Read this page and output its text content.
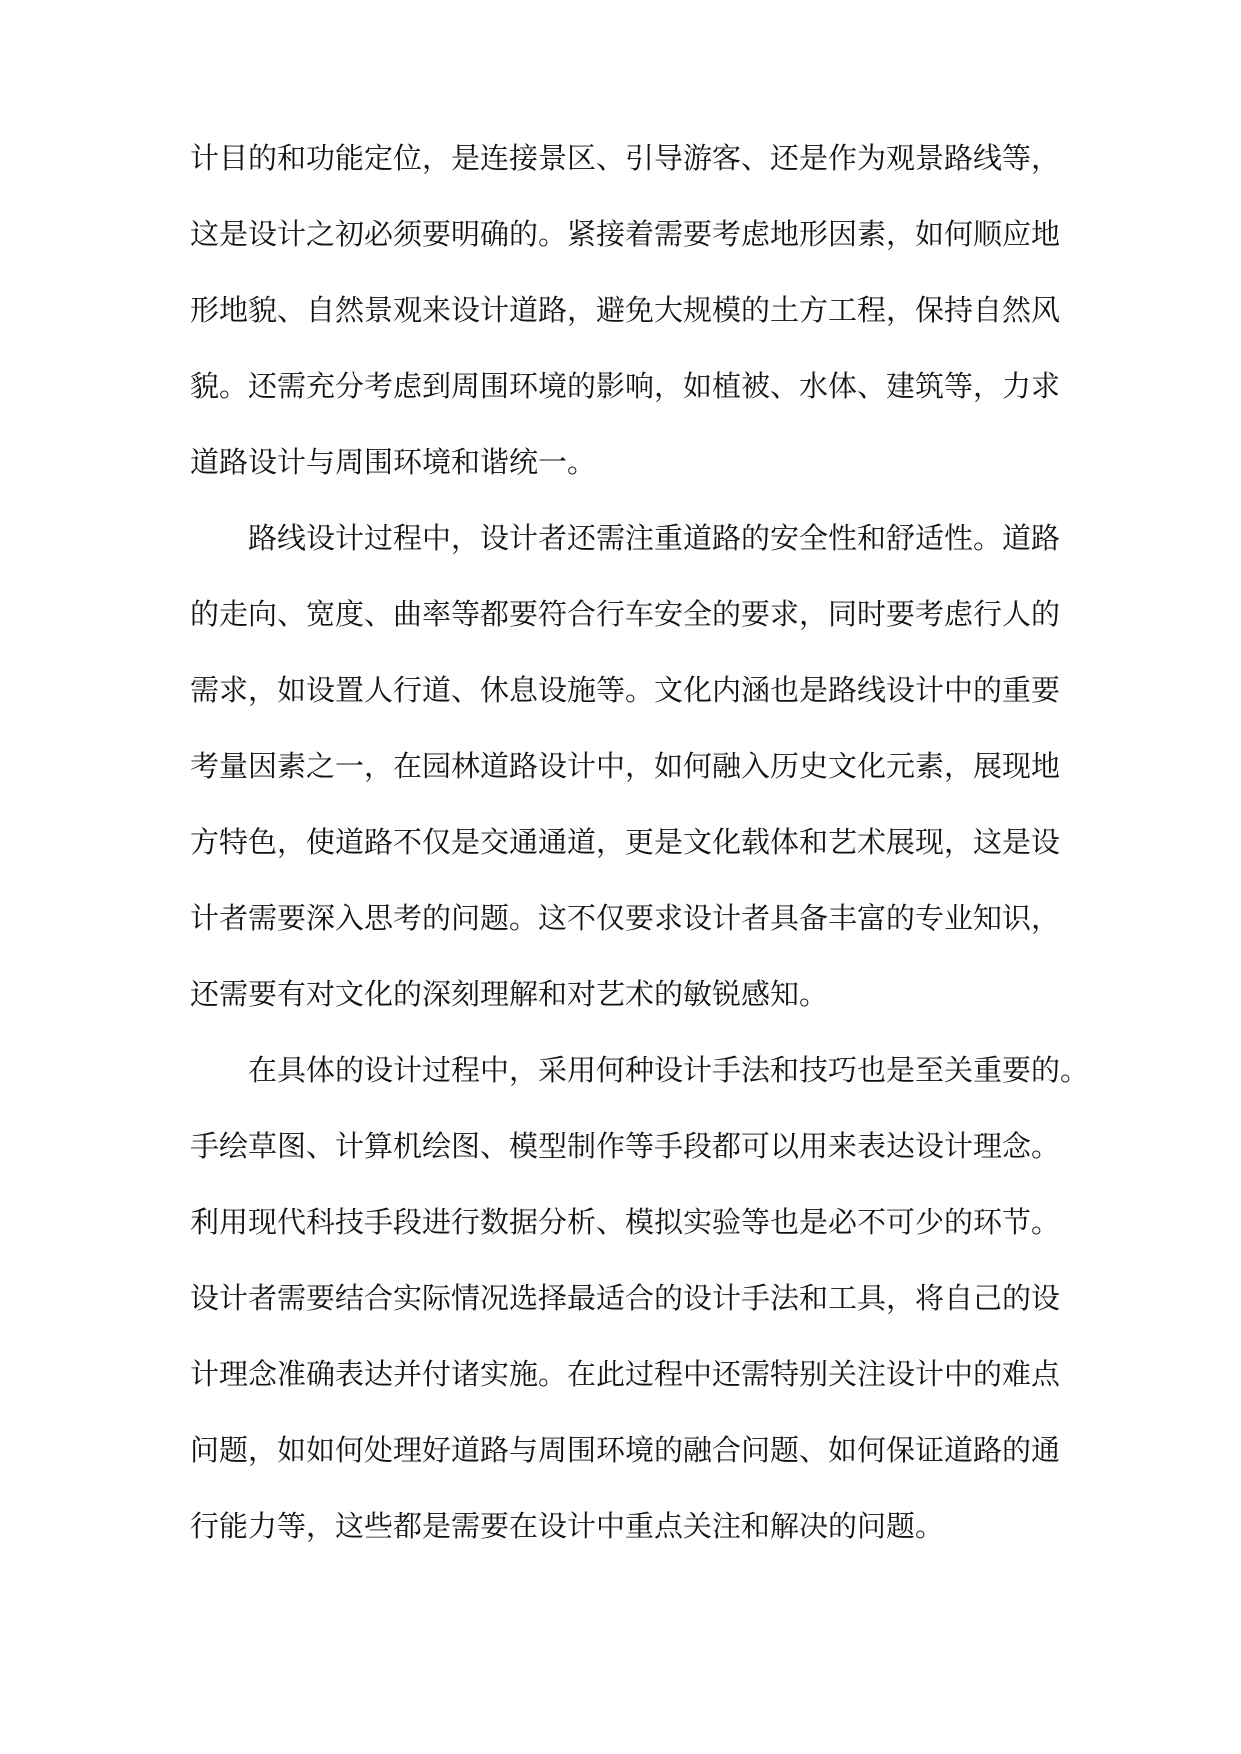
计目的和功能定位，是连接景区、引导游客、还是作为观景路线等，
这是设计之初必须要明确的。紧接着需要考虑地形因素，如何顺应地
形地貌、自然景观来设计道路，避免大规模的土方工程，保持自然风
貌。还需充分考虑到周围环境的影响，如植被、水体、建筑等，力求
道路设计与周围环境和谐统一。
路线设计过程中，设计者还需注重道路的安全性和舒适性。道路
的走向、宽度、曲率等都要符合行车安全的要求，同时要考虑行人的
需求，如设置人行道、休息设施等。文化内涵也是路线设计中的重要
考量因素之一，在园林道路设计中，如何融入历史文化元素，展现地
方特色，使道路不仅是交通通道，更是文化载体和艺术展现，这是设
计者需要深入思考的问题。这不仅要求设计者具备丰富的专业知识，
还需要有对文化的深刻理解和对艺术的敏锐感知。
在具体的设计过程中，采用何种设计手法和技巧也是至关重要的。
手绘草图、计算机绘图、模型制作等手段都可以用来表达设计理念。
利用现代科技手段进行数据分析、模拟实验等也是必不可少的环节。
设计者需要结合实际情况选择最适合的设计手法和工具，将自己的设
计理念准确表达并付诸实施。在此过程中还需特别关注设计中的难点
问题，如如何处理好道路与周围环境的融合问题、如何保证道路的通
行能力等，这些都是需要在设计中重点关注和解决的问题。
